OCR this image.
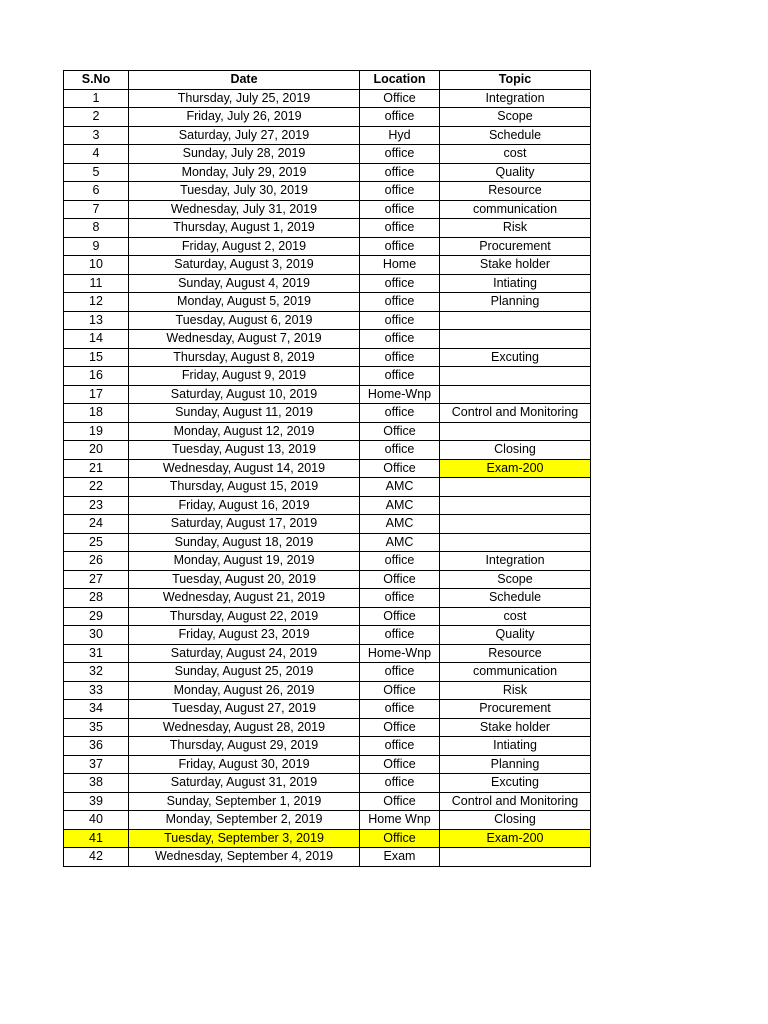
S.No	Date	Location	Topic
1	Thursday, July 25, 2019	Office	Integration
2	Friday, July 26, 2019	office	Scope
3	Saturday, July 27, 2019	Hyd	Schedule
4	Sunday, July 28, 2019	office	cost
5	Monday, July 29, 2019	office	Quality
6	Tuesday, July 30, 2019	office	Resource
7	Wednesday, July 31, 2019	office	communication
8	Thursday, August 1, 2019	office	Risk
9	Friday, August 2, 2019	office	Procurement
10	Saturday, August 3, 2019	Home	Stake holder
11	Sunday, August 4, 2019	office	Intiating
12	Monday, August 5, 2019	office	Planning
13	Tuesday, August 6, 2019	office	
14	Wednesday, August 7, 2019	office	
15	Thursday, August 8, 2019	office	Excuting
16	Friday, August 9, 2019	office	
17	Saturday, August 10, 2019	Home-Wnp	
18	Sunday, August 11, 2019	office	Control and Monitoring
19	Monday, August 12, 2019	Office	
20	Tuesday, August 13, 2019	office	Closing
21	Wednesday, August 14, 2019	Office	Exam-200
22	Thursday, August 15, 2019	AMC	
23	Friday, August 16, 2019	AMC	
24	Saturday, August 17, 2019	AMC	
25	Sunday, August 18, 2019	AMC	
26	Monday, August 19, 2019	office	Integration
27	Tuesday, August 20, 2019	Office	Scope
28	Wednesday, August 21, 2019	office	Schedule
29	Thursday, August 22, 2019	Office	cost
30	Friday, August 23, 2019	office	Quality
31	Saturday, August 24, 2019	Home-Wnp	Resource
32	Sunday, August 25, 2019	office	communication
33	Monday, August 26, 2019	Office	Risk
34	Tuesday, August 27, 2019	office	Procurement
35	Wednesday, August 28, 2019	Office	Stake holder
36	Thursday, August 29, 2019	office	Intiating
37	Friday, August 30, 2019	Office	Planning
38	Saturday, August 31, 2019	office	Excuting
39	Sunday, September 1, 2019	Office	Control and Monitoring
40	Monday, September 2, 2019	Home Wnp	Closing
41	Tuesday, September 3, 2019	Office	Exam-200
42	Wednesday, September 4, 2019	Exam	
